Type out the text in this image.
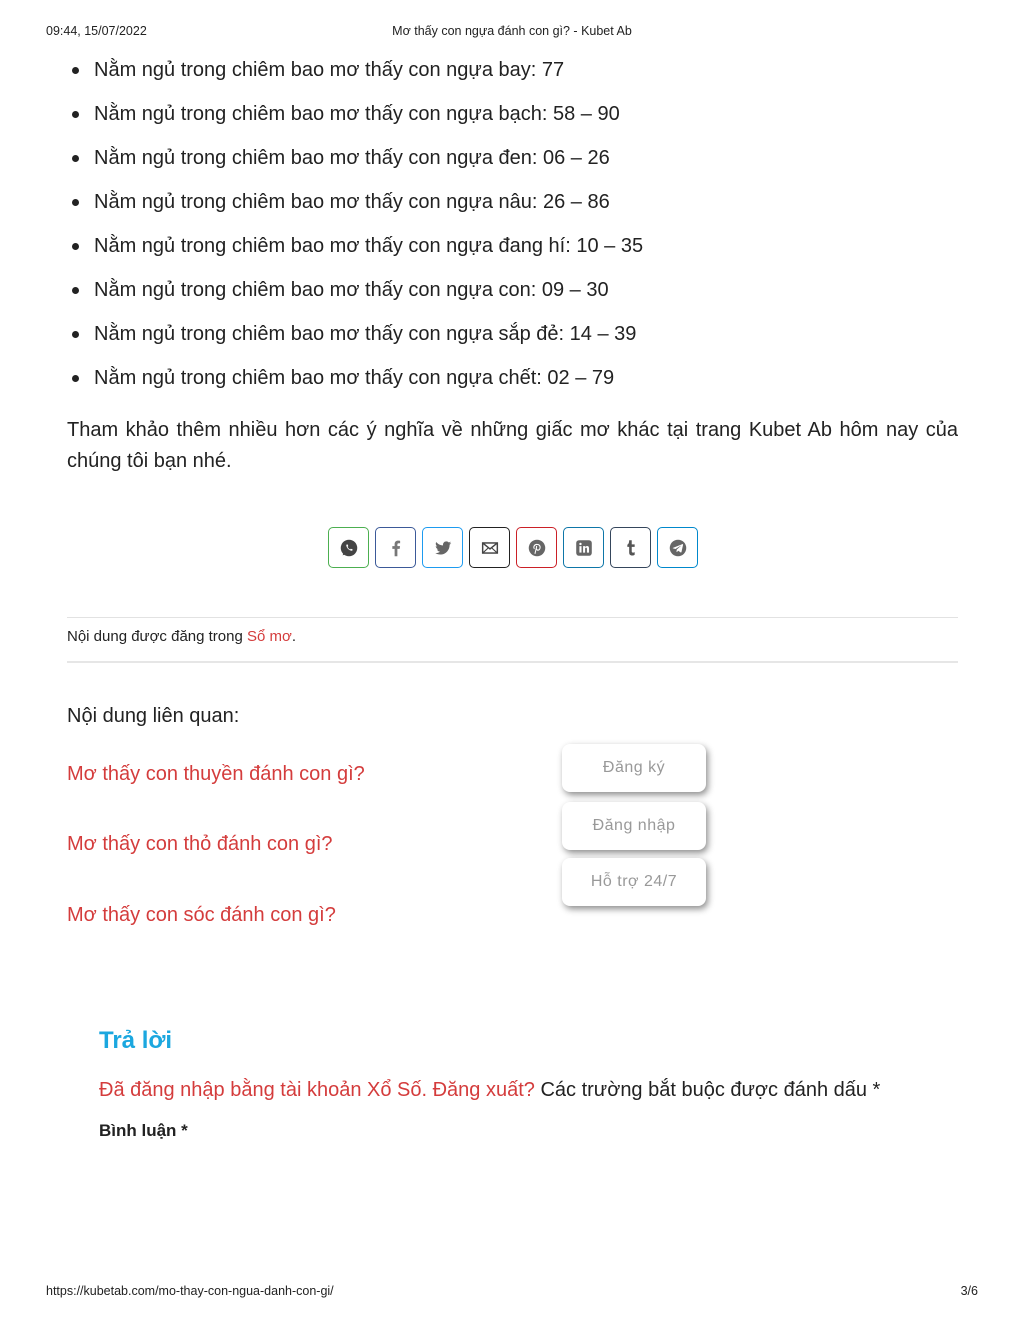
09:44, 15/07/2022	Mơ thấy con ngựa đánh con gì? - Kubet Ab
Nằm ngủ trong chiêm bao mơ thấy con ngựa bay: 77
Nằm ngủ trong chiêm bao mơ thấy con ngựa bạch: 58 – 90
Nằm ngủ trong chiêm bao mơ thấy con ngựa đen: 06 – 26
Nằm ngủ trong chiêm bao mơ thấy con ngựa nâu: 26 – 86
Nằm ngủ trong chiêm bao mơ thấy con ngựa đang hí: 10 – 35
Nằm ngủ trong chiêm bao mơ thấy con ngựa con: 09 – 30
Nằm ngủ trong chiêm bao mơ thấy con ngựa sắp đẻ: 14 – 39
Nằm ngủ trong chiêm bao mơ thấy con ngựa chết: 02 – 79
Tham khảo thêm nhiều hơn các ý nghĩa về những giấc mơ khác tại trang Kubet Ab hôm nay của chúng tôi bạn nhé.
Nội dung được đăng trong Sổ mơ.
Nội dung liên quan:
Mơ thấy con thuyền đánh con gì?
Mơ thấy con thỏ đánh con gì?
Mơ thấy con sóc đánh con gì?
Đăng ký
Đăng nhập
Hỗ trợ 24/7
Trả lời
Đã đăng nhập bằng tài khoản Xổ Số. Đăng xuất? Các trường bắt buộc được đánh dấu *
Bình luận *
https://kubetab.com/mo-thay-con-ngua-danh-con-gi/	3/6
